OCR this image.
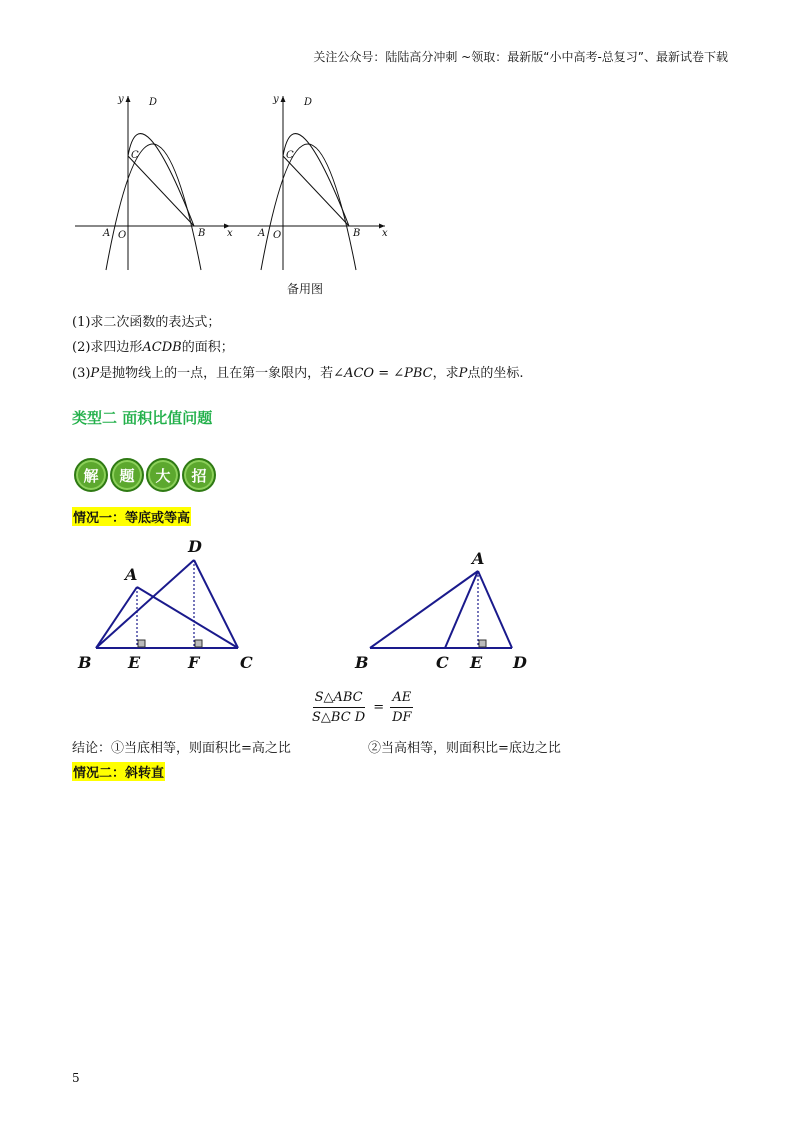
关注公众号：陆陆高分冲刺 ~领取：最新版“小中高考-总复习”、最新试卷下载
y	D
C
A O	B x
y	D
C
A O	B x
备用图
(1)求二次函数的表达式；
(2)求四边形ACDB的面积；
(3)P是抛物线上的一点，且在第一象限内，若∠ACO = ∠PBC，求P点的坐标.
类型二 面积比值问题
解	题	大	招
情况一：等底或等高
A
D
B E	F	C
A
B	C E D
$\frac{\text{S△ABC}}{\text{S△BC D}} = \frac{AE}{DF}$
结论：①当底相等，则面积比=高之比	②当高相等，则面积比=底边之比
情况二：斜转直
5
